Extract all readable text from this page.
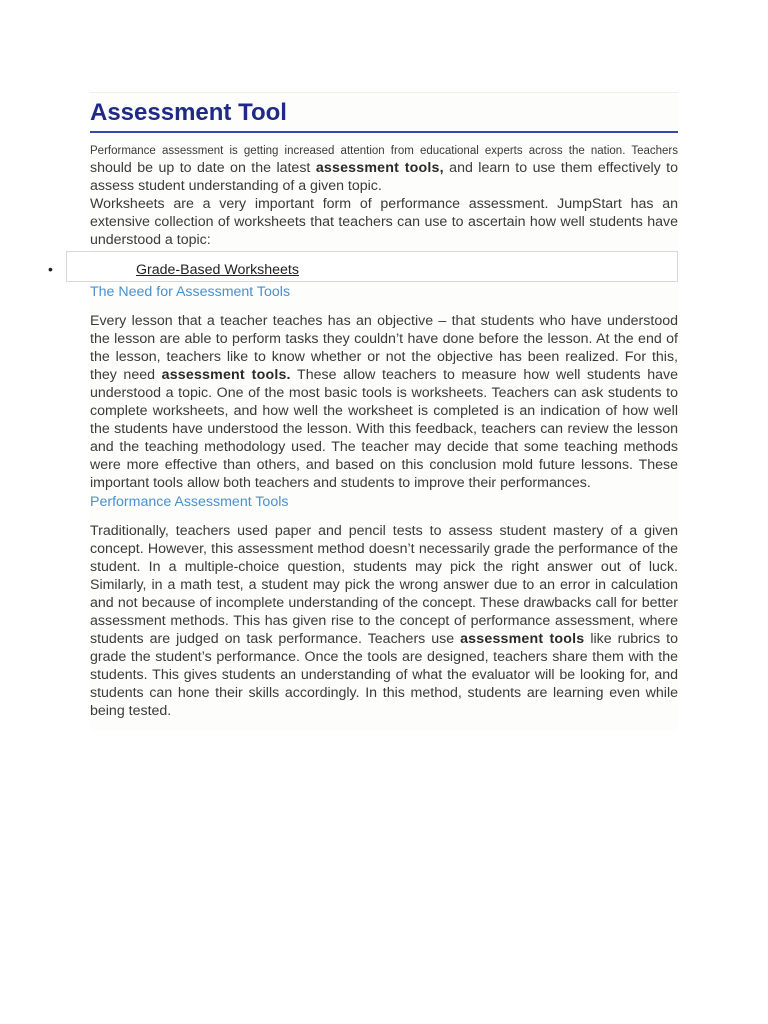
Assessment Tool

Performance assessment is getting increased attention from educational experts across the nation. Teachers should be up to date on the latest assessment tools, and learn to use them effectively to assess student understanding of a given topic.

Worksheets are a very important form of performance assessment. JumpStart has an extensive collection of worksheets that teachers can use to ascertain how well students have understood a topic:

•	Grade-Based Worksheets
The Need for Assessment Tools

Every lesson that a teacher teaches has an objective – that students who have understood the lesson are able to perform tasks they couldn’t have done before the lesson. At the end of the lesson, teachers like to know whether or not the objective has been realized. For this, they need assessment tools. These allow teachers to measure how well students have understood a topic. One of the most basic tools is worksheets. Teachers can ask students to complete worksheets, and how well the worksheet is completed is an indication of how well the students have understood the lesson. With this feedback, teachers can review the lesson and the teaching methodology used. The teacher may decide that some teaching methods were more effective than others, and based on this conclusion mold future lessons. These important tools allow both teachers and students to improve their performances.

Performance Assessment Tools

Traditionally, teachers used paper and pencil tests to assess student mastery of a given concept. However, this assessment method doesn’t necessarily grade the performance of the student. In a multiple-choice question, students may pick the right answer out of luck. Similarly, in a math test, a student may pick the wrong answer due to an error in calculation and not because of incomplete understanding of the concept. These drawbacks call for better assessment methods. This has given rise to the concept of performance assessment, where students are judged on task performance. Teachers use assessment tools like rubrics to grade the student’s performance. Once the tools are designed, teachers share them with the students. This gives students an understanding of what the evaluator will be looking for, and students can hone their skills accordingly. In this method, students are learning even while being tested.
